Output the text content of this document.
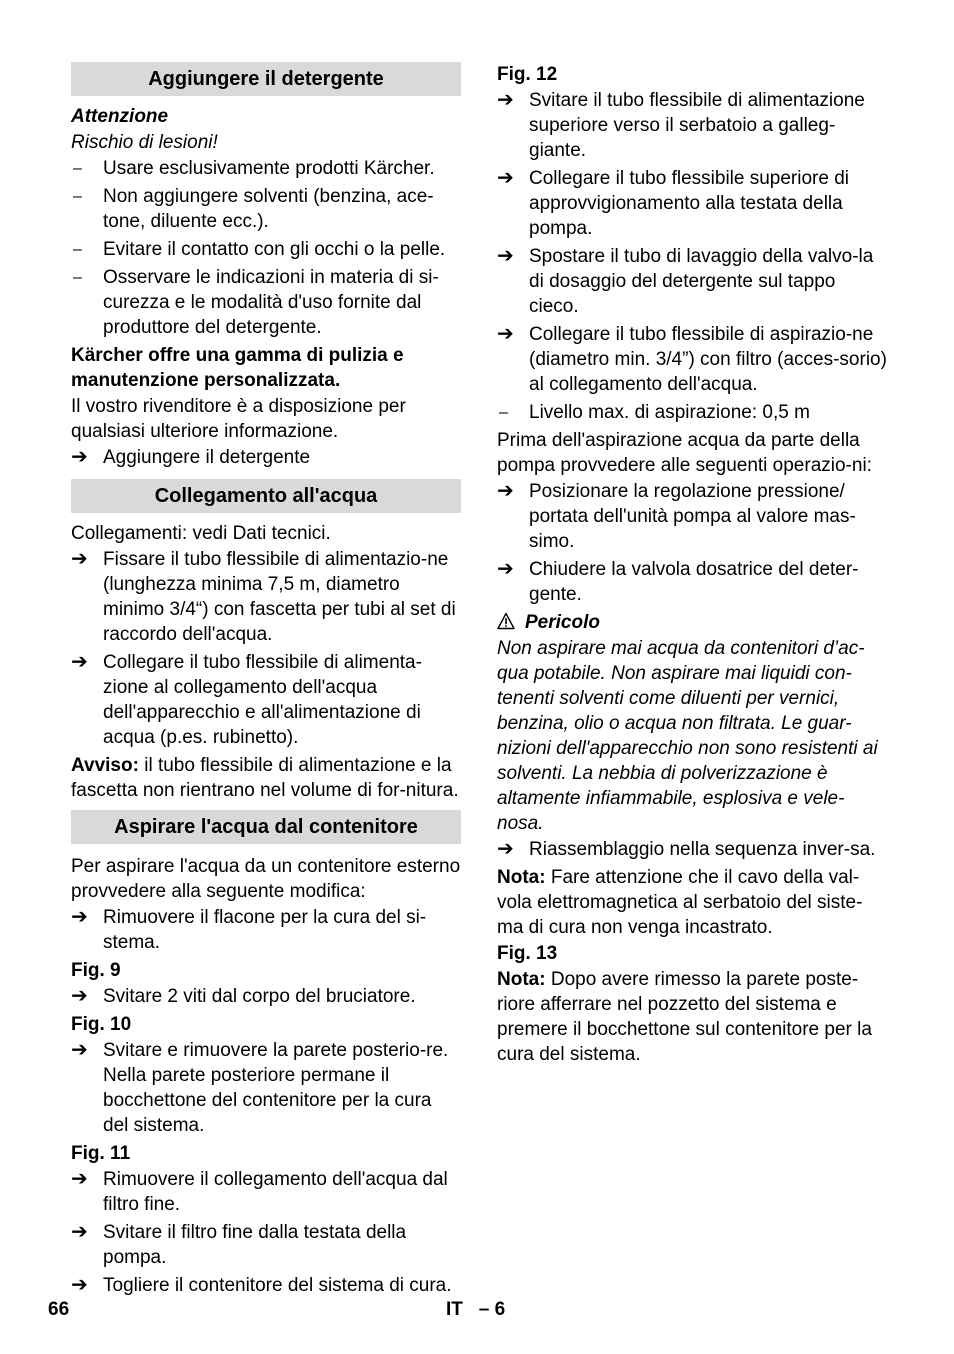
Aggiungere il detergente
Attenzione
Rischio di lesioni!
–	Usare esclusivamente prodotti Kärcher.
–	Non aggiungere solventi (benzina, ace-tone, diluente ecc.).
–	Evitare il contatto con gli occhi o la pelle.
–	Osservare le indicazioni in materia di si-curezza e le modalità d'uso fornite dal produttore del detergente.
Kärcher offre una gamma di pulizia e manutenzione personalizzata.
Il vostro rivenditore è a disposizione per qualsiasi ulteriore informazione.
➔ Aggiungere il detergente
Collegamento all'acqua
Collegamenti: vedi Dati tecnici.
➔ Fissare il tubo flessibile di alimentazio-ne (lunghezza minima 7,5 m, diametro minimo 3/4“) con fascetta per tubi al set di raccordo dell'acqua.
➔ Collegare il tubo flessibile di alimenta-zione al collegamento dell'acqua dell'apparecchio e all'alimentazione di acqua (p.es. rubinetto).
Avviso: il tubo flessibile di alimentazione e la fascetta non rientrano nel volume di for-nitura.
Aspirare l'acqua dal contenitore
Per aspirare l'acqua da un contenitore esterno provvedere alla seguente modifica:
➔ Rimuovere il flacone per la cura del si-stema.
Fig. 9
➔ Svitare 2 viti dal corpo del bruciatore.
Fig. 10
➔ Svitare e rimuovere la parete posterio-re. Nella parete posteriore permane il bocchettone del contenitore per la cura del sistema.
Fig. 11
➔ Rimuovere il collegamento dell'acqua dal filtro fine.
➔ Svitare il filtro fine dalla testata della pompa.
➔ Togliere il contenitore del sistema di cura.
Fig. 12
➔ Svitare il tubo flessibile di alimentazione superiore verso il serbatoio a galleg-giante.
➔ Collegare il tubo flessibile superiore di approvvigionamento alla testata della pompa.
➔ Spostare il tubo di lavaggio della valvo-la di dosaggio del detergente sul tappo cieco.
➔ Collegare il tubo flessibile di aspirazio-ne (diametro min. 3/4”) con filtro (acces-sorio) al collegamento dell'acqua.
–	Livello max. di aspirazione: 0,5 m
Prima dell'aspirazione acqua da parte della pompa provvedere alle seguenti operazio-ni:
➔ Posizionare la regolazione pressione/ portata dell'unità pompa al valore mas-simo.
➔ Chiudere la valvola dosatrice del deter-gente.
Pericolo
Non aspirare mai acqua da contenitori d’ac-qua potabile. Non aspirare mai liquidi con-tenenti solventi come diluenti per vernici, benzina, olio o acqua non filtrata. Le guar-nizioni dell'apparecchio non sono resistenti ai solventi. La nebbia di polverizzazione è altamente infiammabile, esplosiva e vele-nosa.
➔ Riassemblaggio nella sequenza inver-sa.
Nota: Fare attenzione che il cavo della val-vola elettromagnetica al serbatoio del siste-ma di cura non venga incastrato.
Fig. 13
Nota: Dopo avere rimesso la parete poste-riore afferrare nel pozzetto del sistema e premere il bocchettone sul contenitore per la cura del sistema.
66	IT   – 6
